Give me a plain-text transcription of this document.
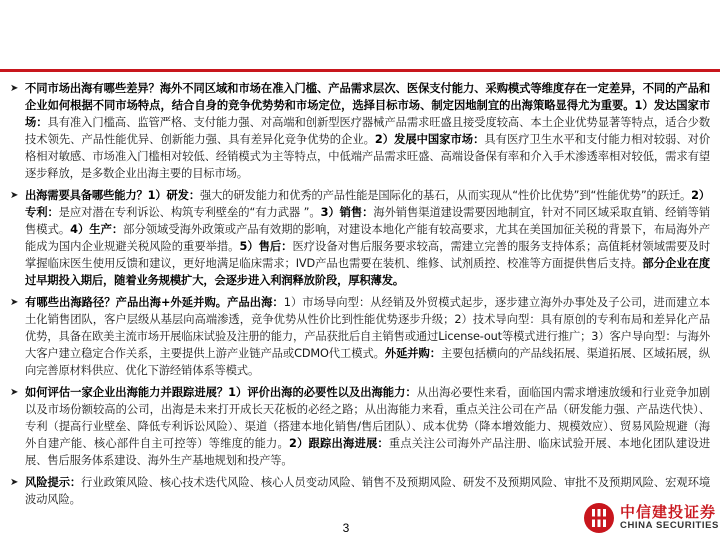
➤ 不同市场出海有哪些差异？海外不同区域和市场在准入门槛、产品需求层次、医保支付能力、采购模式等维度存在一定差异，不同的产品和企业如何根据不同市场特点，结合自身的竞争优势势和市场定位，选择目标市场、制定因地制宜的出海策略显得尤为重要。1）发达国家市场：具有准入门槛高、监管严格、支付能力强、对高端和创新型医疗器械产品需求旺盛且接受度较高、本土企业优势显著等特点，适合少数技术领先、产品性能优异、创新能力强、具有差异化竞争优势的企业。2）发展中国家市场：具有医疗卫生水平和支付能力相对较弱、对价格相对敏感、市场准入门槛相对较低、经销模式为主等特点，中低端产品需求旺盛、高端设备保有率和介入手术渗透率相对较低，需求有望逐步释放，是多数企业出海主要的目标市场。
➤ 出海需要具备哪些能力？1）研发：强大的研发能力和优秀的产品性能是国际化的基石，从而实现从“性价比优势”到“性能优势”的跃迁。2）专利：是应对潜在专利诉讼、构筑专利壁垒的“有力武器 ”。3）销售：海外销售渠道建设需要因地制宜，针对不同区域采取直销、经销等销售模式。4）生产：部分领域受海外政策或产品有效期的影响，对建设本地化产能有较高要求，尤其在美国加征关税的背景下，布局海外产能成为国内企业规避关税风险的重要举措。5）售后：医疗设备对售后服务要求较高，需建立完善的服务支持体系；高值耗材领域需要及时掌握临床医生使用反馈和建议，更好地满足临床需求；IVD产品也需要在装机、维修、试剂质控、校准等方面提供售后支持。部分企业在度过早期投入期后，随着业务规模扩大，会逐步进入利润释放阶段，厚积薄发。
➤ 有哪些出海路径？产品出海+外延并购。产品出海：1）市场导向型：从经销及外贸模式起步，逐步建立海外办事处及子公司，进而建立本土化销售团队，客户层级从基层向高端渗透，竞争优势从性价比到性能优势逐步升级；2）技术导向型：具有原创的专利布局和差异化产品优势，具备在欧美主流市场开展临床试验及注册的能力，产品获批后自主销售或通过License-out等模式进行推广；3）客户导向型：与海外大客户建立稳定合作关系，主要提供上游产业链产品或CDMO代工模式。外延并购：主要包括横向的产品线拓展、渠道拓展、区域拓展，纵向完善原材料供应、优化下游经销体系等模式。
➤ 如何评估一家企业出海能力并跟踪进展？1）评价出海的必要性以及出海能力：从出海必要性来看，面临国内需求增速放缓和行业竞争加剧以及市场份额较高的公司，出海是未来打开成长天花板的必经之路；从出海能力来看，重点关注公司在产品（研发能力强、产品迭代快）、专利（提高行业壁垒、降低专利诉讼风险）、渠道（搭建本地化销售/售后团队）、成本优势（降本增效能力、规模效应）、贸易风险规避（海外自建产能、核心部件自主可控等）等维度的能力。2）跟踪出海进展：重点关注公司海外产品注册、临床试验开展、本地化团队建设进展、售后服务体系建设、海外生产基地规划和投产等。
➤ 风险提示：行业政策风险、核心技术迭代风险、核心人员变动风险、销售不及预期风险、研发不及预期风险、审批不及预期风险、宏观环境波动风险。
3
中信建投证券
CHINA SECURITIES
